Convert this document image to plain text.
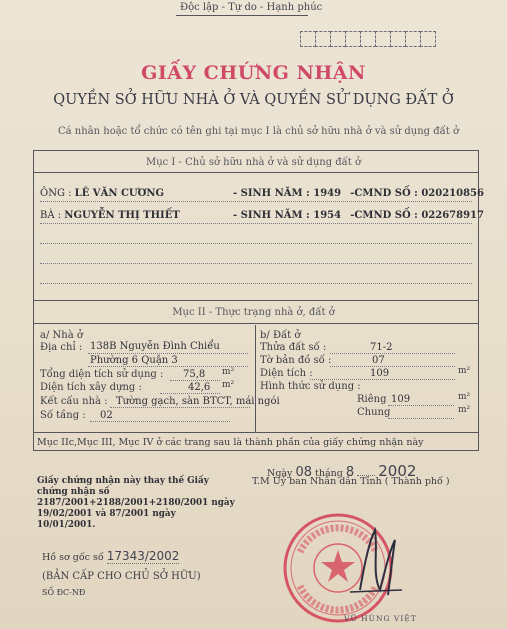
Độc lập - Tự do - Hạnh phúc
GIẤY CHỨNG NHẬN
QUYỀN SỞ HỮU NHÀ Ở VÀ QUYỀN SỬ DỤNG ĐẤT Ở
Cá nhân hoặc tổ chức có tên ghi tại mục I là chủ sở hữu nhà ở và sử dụng đất ở
Mục I - Chủ sở hữu nhà ở và sử dụng đất ở
ÔNG : LÊ VĂN CƯƠNG	- SINH NĂM : 1949 -CMND SỐ : 020210856
BÀ : NGUYỄN THỊ THIẾT	- SINH NĂM : 1954 -CMND SỐ : 022678917
Mục II - Thực trạng nhà ở, đất ở
a/ Nhà ở
Địa chỉ : 138B Nguyễn Đình Chiểu
Phường 6 Quận 3
Tổng diện tích sử dụng : 75,8 m²
Diện tích xây dựng :	42,6 m²
Kết cấu nhà : Tường gạch, sàn BTCT, mái ngói
Số tầng : 02
b/ Đất ở
Thửa đất số :	71-2
Tờ bản đồ số :	07
Diện tích :	109	m²
Hình thức sử dụng :
Riêng 109	m²
Chung	m²
Mục IIc,Mục III, Mục IV ở các trang sau là thành phần của giấy chứng nhận này
Giấy chứng nhận này thay thế Giấy chứng nhận số 2187/2001+2188/2001+2180/2001 ngày 19/02/2001 và 87/2001 ngày 10/01/2001.
Ngày 08 tháng 8 2002
T.M Uỷ ban Nhân dân Tỉnh ( Thành phố )
Hồ sơ gốc số 17343/2002
(BẢN CẤP CHO CHỦ SỞ HỮU)
SỐ ĐC-NĐ
VŨ HÙNG VIỆT
